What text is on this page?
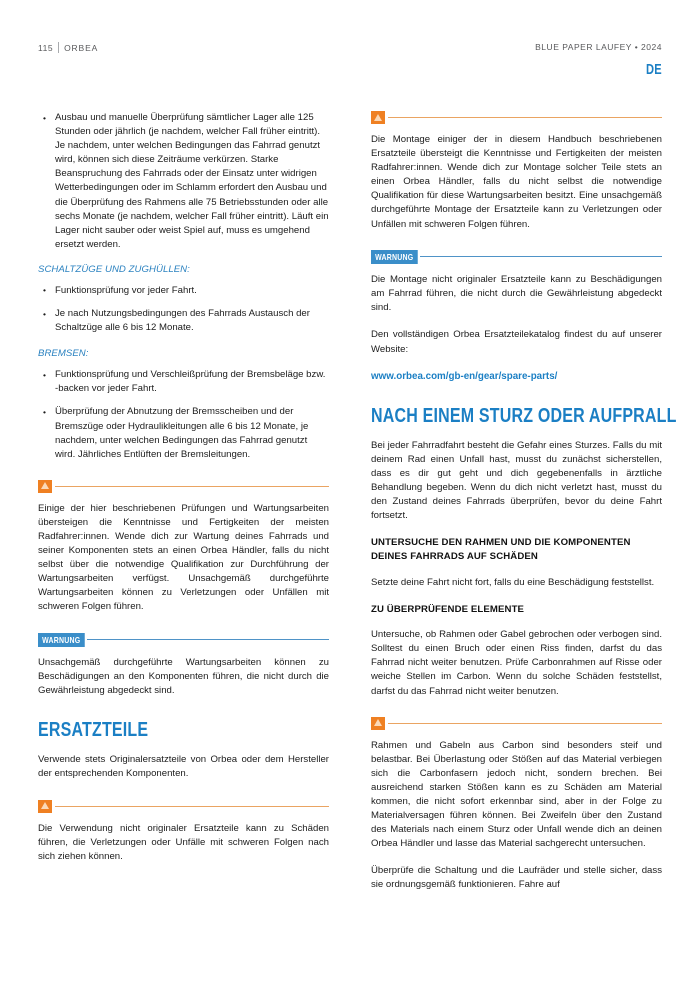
115	ORBEA	BLUE PAPER LAUFEY • 2024
DE
• Ausbau und manuelle Überprüfung sämtlicher Lager alle 125 Stunden oder jährlich (je nachdem, welcher Fall früher eintritt). Je nachdem, unter welchen Bedingungen das Fahrrad genutzt wird, können sich diese Zeiträume verkürzen. Starke Beanspruchung des Fahrrads oder der Einsatz unter widrigen Wetterbedingungen oder im Schlamm erfordert den Ausbau und die Überprüfung des Rahmens alle 75 Betriebsstunden oder alle sechs Monate (je nachdem, welcher Fall früher eintritt). Läuft ein Lager nicht sauber oder weist Spiel auf, muss es umgehend ersetzt werden.
SCHALTZÜGE UND ZUGHÜLLEN:
• Funktionsprüfung vor jeder Fahrt.
• Je nach Nutzungsbedingungen des Fahrrads Austausch der Schaltzüge alle 6 bis 12 Monate.
BREMSEN:
• Funktionsprüfung und Verschleißprüfung der Bremsbeläge bzw. -backen vor jeder Fahrt.
• Überprüfung der Abnutzung der Bremsscheiben und der Bremszüge oder Hydraulikleitungen alle 6 bis 12 Monate, je nachdem, unter welchen Bedingungen das Fahrrad genutzt wird. Jährliches Entlüften der Bremsleitungen.

Einige der hier beschriebenen Prüfungen und Wartungsarbeiten übersteigen die Kenntnisse und Fertigkeiten der meisten Radfahrer:innen. Wende dich zur Wartung deines Fahrrads und seiner Komponenten stets an einen Orbea Händler, falls du nicht selbst über die notwendige Qualifikation zur Durchführung der Wartungsarbeiten verfügst. Unsachgemäß durchgeführte Wartungsarbeiten können zu Verletzungen oder Unfällen mit schweren Folgen führen.

WARNUNG

Unsachgemäß durchgeführte Wartungsarbeiten können zu Beschädigungen an den Komponenten führen, die nicht durch die Gewährleistung abgedeckt sind.

ERSATZTEILE

Verwende stets Originalersatzteile von Orbea oder dem Hersteller der entsprechenden Komponenten.

Die Verwendung nicht originaler Ersatzteile kann zu Schäden führen, die Verletzungen oder Unfälle mit schweren Folgen nach sich ziehen können.

Die Montage einiger der in diesem Handbuch beschriebenen Ersatzteile übersteigt die Kenntnisse und Fertigkeiten der meisten Radfahrer:innen. Wende dich zur Montage solcher Teile stets an einen Orbea Händler, falls du nicht selbst die notwendige Qualifikation für diese Wartungsarbeiten besitzt. Eine unsachgemäß durchgeführte Montage der Ersatzteile kann zu Verletzungen oder Unfällen mit schweren Folgen führen.

WARNUNG

Die Montage nicht originaler Ersatzteile kann zu Beschädigungen am Fahrrad führen, die nicht durch die Gewährleistung abgedeckt sind.

Den vollständigen Orbea Ersatzteilekatalog findest du auf unserer Website:

www.orbea.com/gb-en/gear/spare-parts/
NACH EINEM STURZ ODER AUFPRALL

Bei jeder Fahrradfahrt besteht die Gefahr eines Sturzes. Falls du mit deinem Rad einen Unfall hast, musst du zunächst sicherstellen, dass es dir gut geht und dich gegebenenfalls in ärztliche Behandlung begeben. Wenn du dich nicht verletzt hast, musst du den Zustand deines Fahrrads überprüfen, bevor du deine Fahrt fortsetzt.

UNTERSUCHE DEN RAHMEN UND DIE KOMPONENTEN DEINES FAHRRADS AUF SCHÄDEN

Setzte deine Fahrt nicht fort, falls du eine Beschädigung feststellst.

ZU ÜBERPRÜFENDE ELEMENTE

Untersuche, ob Rahmen oder Gabel gebrochen oder verbogen sind. Solltest du einen Bruch oder einen Riss finden, darfst du das Fahrrad nicht weiter benutzen. Prüfe Carbonrahmen auf Risse oder weiche Stellen im Carbon. Wenn du solche Schäden feststellst, darfst du das Fahrrad nicht weiter benutzen.

Rahmen und Gabeln aus Carbon sind besonders steif und belastbar. Bei Überlastung oder Stößen auf das Material verbiegen sich die Carbonfasern jedoch nicht, sondern brechen. Bei ausreichend starken Stößen kann es zu Schäden am Material kommen, die nicht sofort erkennbar sind, aber in der Folge zu Materialversagen führen können. Bei Zweifeln über den Zustand des Materials nach einem Sturz oder Unfall wende dich an deinen Orbea Händler und lasse das Material sachgerecht untersuchen.

Überprüfe die Schaltung und die Laufräder und stelle sicher, dass sie ordnungsgemäß funktionieren. Fahre auf
